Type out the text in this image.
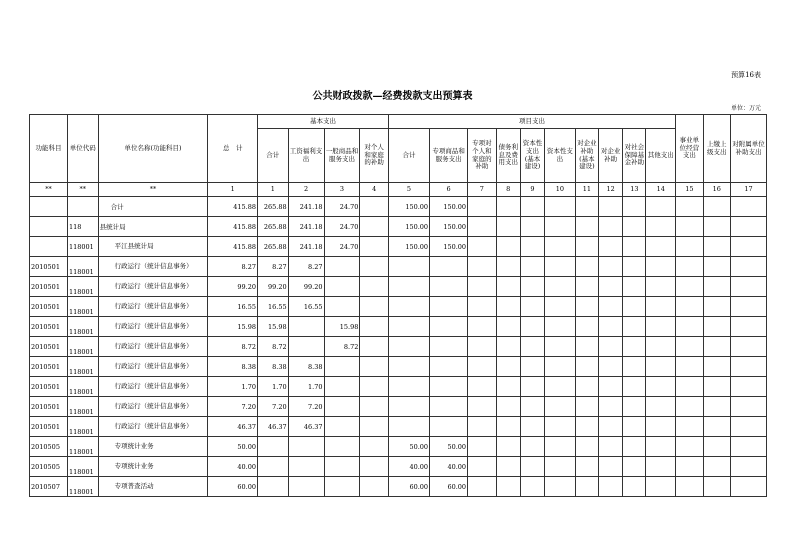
预算16表
公共财政拨款—经费拨款支出预算表
单位：万元
功能科目	单位代码	单位名称(功能科目)	总　计	基本支出				项目支出										事业单位经营支出	上缴上级支出	对附属单位补助支出
				合计	工资福利支出	一般商品和服务支出	对个人和家庭的补助	合计	专项商品和服务支出	专项对个人和家庭的补助	债务利息及费用支出	资本性支出(基本建设)	资本性支出	对企业补助(基本建设)	对企业补助	对社会保障基金补助	其他支出			
**	**	**	1	1	2	3	4	5	6	7	8	9	10	11	12	13	14	15	16	17
		合计	415.88	265.88	241.18	24.70		150.00	150.00											
	118	县统计局	415.88	265.88	241.18	24.70		150.00	150.00											
	118001	平江县统计局	415.88	265.88	241.18	24.70		150.00	150.00											
2010501	118001	行政运行（统计信息事务）	8.27	8.27	8.27															
2010501	118001	行政运行（统计信息事务）	99.20	99.20	99.20															
2010501	118001	行政运行（统计信息事务）	16.55	16.55	16.55															
2010501	118001	行政运行（统计信息事务）	15.98	15.98		15.98														
2010501	118001	行政运行（统计信息事务）	8.72	8.72		8.72														
2010501	118001	行政运行（统计信息事务）	8.38	8.38	8.38															
2010501	118001	行政运行（统计信息事务）	1.70	1.70	1.70															
2010501	118001	行政运行（统计信息事务）	7.20	7.20	7.20															
2010501	118001	行政运行（统计信息事务）	46.37	46.37	46.37															
2010505	118001	专项统计业务	50.00					50.00	50.00											
2010505	118001	专项统计业务	40.00					40.00	40.00											
2010507	118001	专项普查活动	60.00					60.00	60.00											
